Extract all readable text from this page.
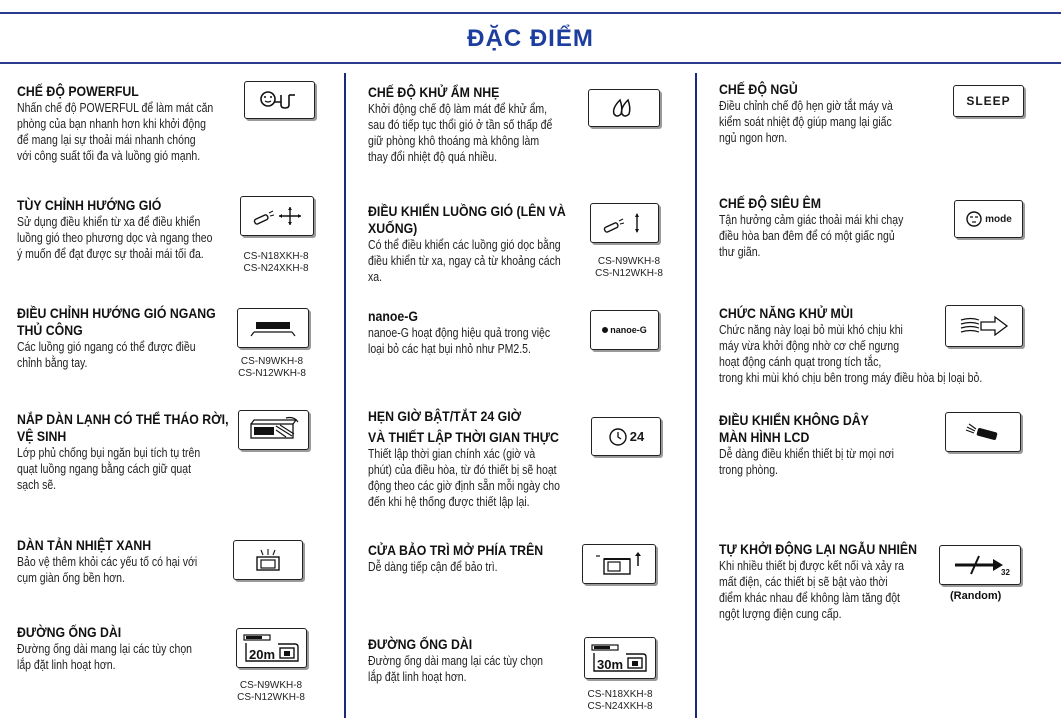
ĐẶC ĐIỂM
CHẾ ĐỘ POWERFUL
Nhấn chế độ POWERFUL để làm mát căn
phòng của bạn nhanh hơn khi khởi động
để mang lại sự thoải mái nhanh chóng
với công suất tối đa và luồng gió mạnh.
TÙY CHỈNH HƯỚNG GIÓ
Sử dụng điều khiển từ xa để điều khiển
luồng gió theo phương dọc và ngang theo
ý muốn để đạt được sự thoải mái tối đa.	CS-N18XKH-8
CS-N24XKH-8
ĐIỀU CHỈNH HƯỚNG GIÓ NGANG
THỦ CÔNG
Các luồng gió ngang có thể được điều
chỉnh bằng tay.	CS-N9WKH-8
CS-N12WKH-8
NẮP DÀN LẠNH CÓ THỂ THÁO RỜI,
VỆ SINH
Lớp phủ chống bụi ngăn bụi tích tụ trên
quạt luồng ngang bằng cách giữ quạt
sạch sẽ.
DÀN TẢN NHIỆT XANH
Bảo vệ thêm khỏi các yếu tố có hại với
cụm giàn ống bền hơn.
ĐƯỜNG ỐNG DÀI
Đường ống dài mang lại các tùy chọn
lắp đặt linh hoạt hơn.
20m
CS-N9WKH-8
CS-N12WKH-8
CHẾ ĐỘ KHỬ ẨM NHẸ
Khởi động chế độ làm mát để khử ẩm,
sau đó tiếp tục thổi gió ở tần số thấp để
giữ phòng khô thoáng mà không làm
thay đổi nhiệt độ quá nhiều.
ĐIỀU KHIỂN LUỒNG GIÓ (LÊN VÀ
XUỐNG)
Có thể điều khiển các luồng gió dọc bằng
điều khiển từ xa, ngay cả từ khoảng cách
xa.
CS-N9WKH-8
CS-N12WKH-8
nanoe-G
nanoe-G hoạt động hiệu quả trong việc
loại bỏ các hạt bụi nhỏ như PM2.5.
nanoe-G
HẸN GIỜ BẬT/TẮT 24 GIỜ
VÀ THIẾT LẬP THỜI GIAN THỰC
Thiết lập thời gian chính xác (giờ và
phút) của điều hòa, từ đó thiết bị sẽ hoạt
động theo các giờ định sẵn mỗi ngày cho
đến khi hệ thống được thiết lập lại.
24
CỬA BẢO TRÌ MỞ PHÍA TRÊN
Dễ dàng tiếp cận để bảo trì.
ĐƯỜNG ỐNG DÀI
Đường ống dài mang lại các tùy chọn
lắp đặt linh hoạt hơn.
30m
CS-N18XKH-8
CS-N24XKH-8
CHẾ ĐỘ NGỦ
Điều chỉnh chế độ hẹn giờ tắt máy và
kiểm soát nhiệt độ giúp mang lại giấc
ngủ ngon hơn.
SLEEP
CHẾ ĐỘ SIÊU ÊM
Tận hưởng cảm giác thoải mái khi chạy
điều hòa ban đêm để có một giấc ngủ
thư giãn.
mode
CHỨC NĂNG KHỬ MÙI
Chức năng này loại bỏ mùi khó chịu khi
máy vừa khởi động nhờ cơ chế ngưng
hoạt động cánh quạt trong tích tắc,
trong khi mùi khó chịu bên trong máy điều hòa bị loại bỏ.
ĐIỀU KHIỂN KHÔNG DÂY
MÀN HÌNH LCD
Dễ dàng điều khiển thiết bị từ mọi nơi
trong phòng.
TỰ KHỞI ĐỘNG LẠI NGẪU NHIÊN
Khi nhiều thiết bị được kết nối và xảy ra
mất điện, các thiết bị sẽ bật vào thời
điểm khác nhau để không làm tăng đột
ngột lượng điện cung cấp.
32
(Random)
